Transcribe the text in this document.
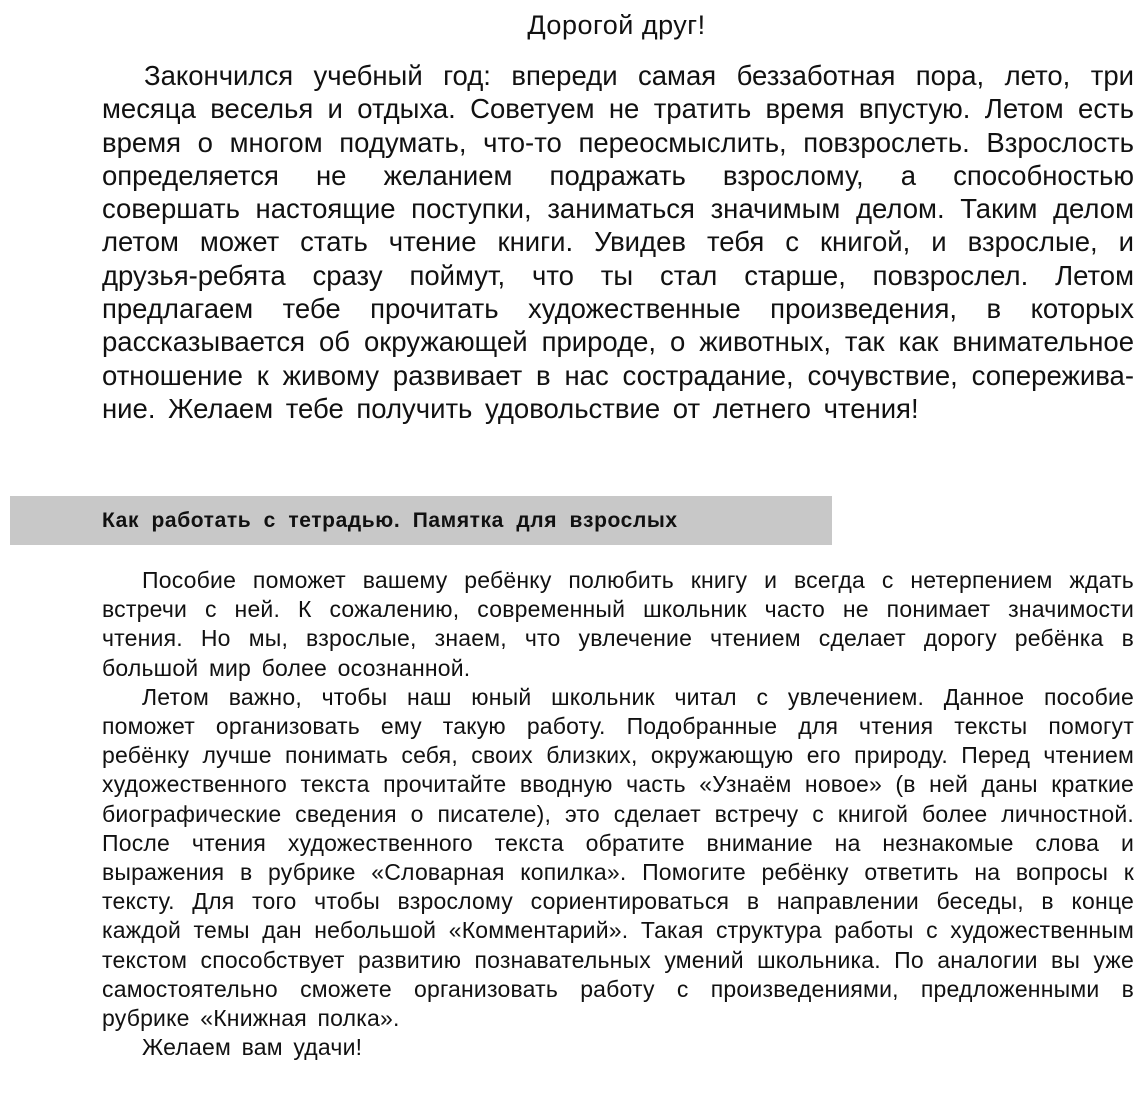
Дорогой друг!

Закончился учебный год: впереди самая беззаботная пора, лето, три месяца веселья и отдыха. Советуем не тратить время впустую. Летом есть время о многом подумать, что-то переосмыслить, повзрослеть. Взрослость определяется не желанием подражать взрослому, а способностью совершать настоящие поступки, заниматься значимым делом. Таким делом летом может стать чтение книги. Увидев тебя с книгой, и взрослые, и друзья-ребята сразу поймут, что ты стал старше, повзрослел. Летом предлагаем тебе прочитать художественные произведения, в которых рассказывается об окружающей природе, о животных, так как внимательное отношение к живому развивает в нас сострадание, сочувствие, сопереживание. Желаем тебе получить удовольствие от летнего чтения!

Как работать с тетрадью. Памятка для взрослых

Пособие поможет вашему ребёнку полюбить книгу и всегда с нетерпением ждать встречи с ней. К сожалению, современный школьник часто не понимает значимости чтения. Но мы, взрослые, знаем, что увлечение чтением сделает дорогу ребёнка в большой мир более осознанной.

Летом важно, чтобы наш юный школьник читал с увлечением. Данное пособие поможет организовать ему такую работу. Подобранные для чтения тексты помогут ребёнку лучше понимать себя, своих близких, окружающую его природу. Перед чтением художественного текста прочитайте вводную часть «Узнаём новое» (в ней даны краткие биографические сведения о писателе), это сделает встречу с книгой более личностной. После чтения художественного текста обратите внимание на незнакомые слова и выражения в рубрике «Словарная копилка». Помогите ребёнку ответить на вопросы к тексту. Для того чтобы взрослому сориентироваться в направлении беседы, в конце каждой темы дан небольшой «Комментарий». Такая структура работы с художественным текстом способствует развитию познавательных умений школьника. По аналогии вы уже самостоятельно сможете организовать работу с произведениями, предложенными в рубрике «Книжная полка».

Желаем вам удачи!
